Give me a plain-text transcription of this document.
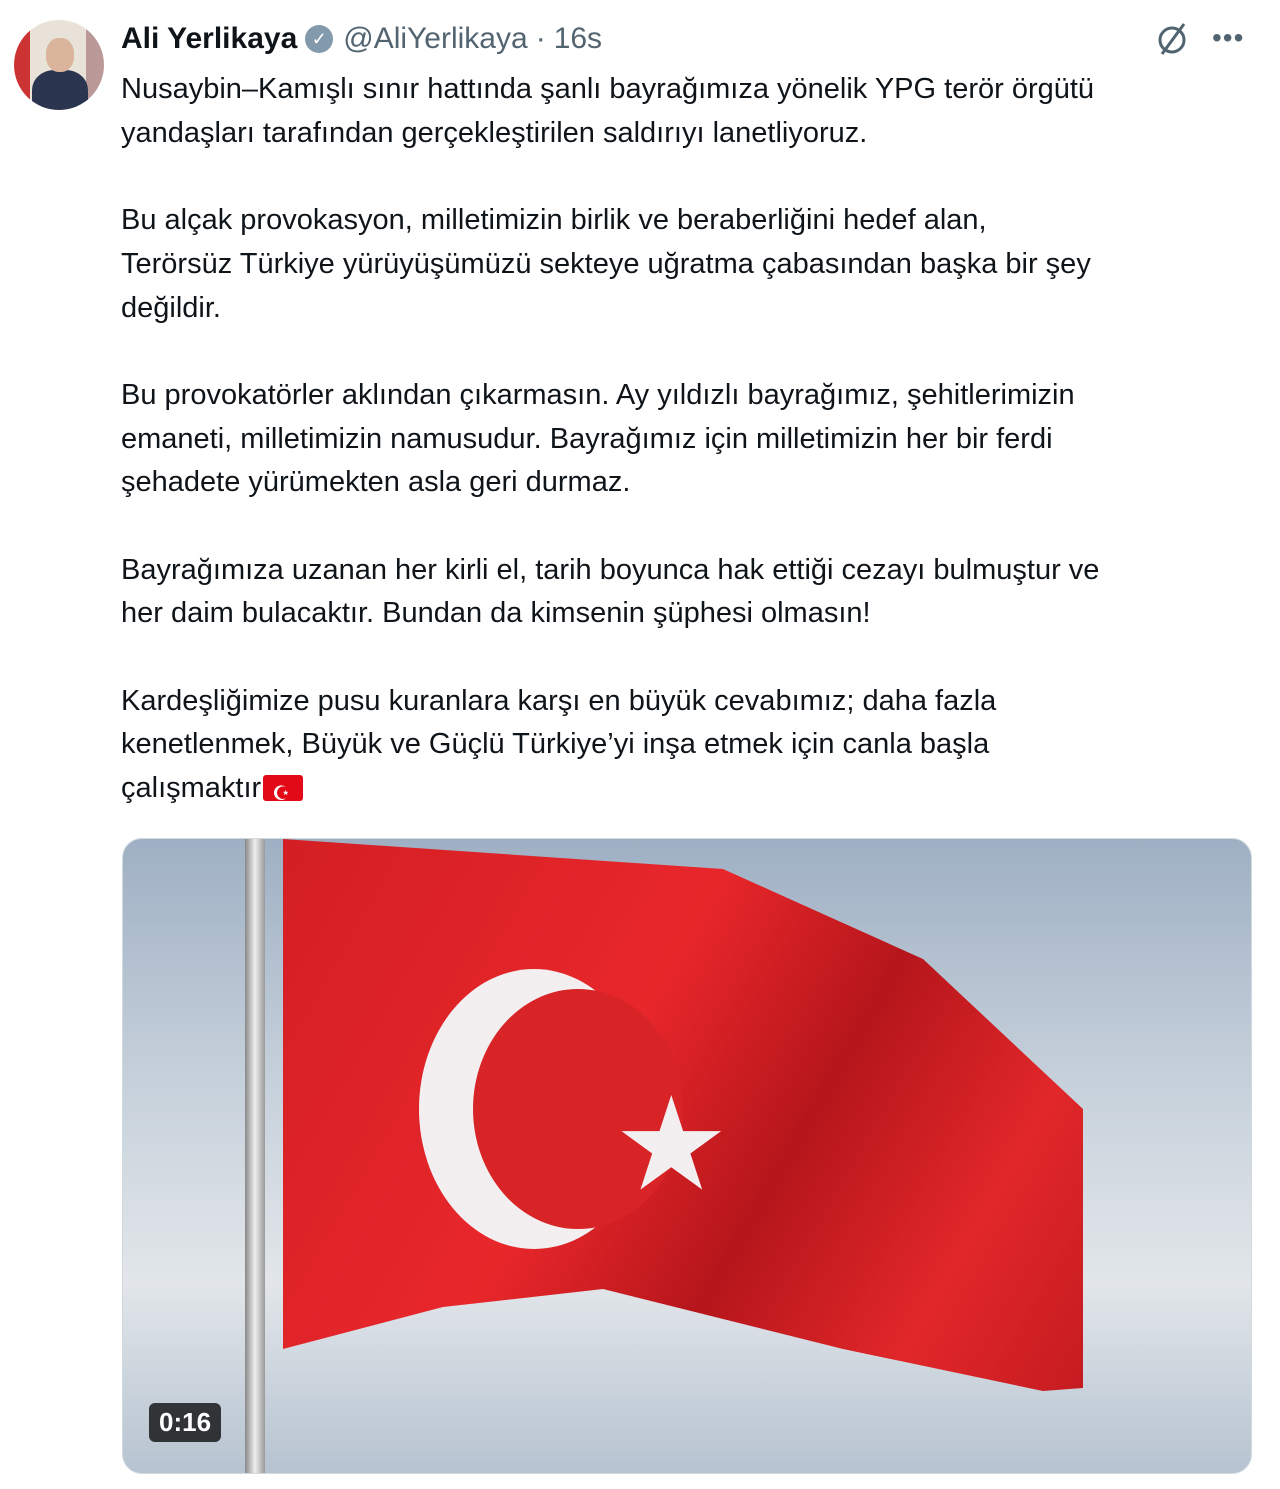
Ali Yerlikaya ✓ @AliYerlikaya · 16s	•••

Nusaybin–Kamışlı sınır hattında şanlı bayrağımıza yönelik YPG terör örgütü
yandaşları tarafından gerçekleştirilen saldırıyı lanetliyoruz.

Bu alçak provokasyon, milletimizin birlik ve beraberliğini hedef alan,
Terörsüz Türkiye yürüyüşümüzü sekteye uğratma çabasından başka bir şey
değildir.

Bu provokatörler aklından çıkarmasın. Ay yıldızlı bayrağımız, şehitlerimizin
emaneti, milletimizin namusudur. Bayrağımız için milletimizin her bir ferdi
şehadete yürümekten asla geri durmaz.

Bayrağımıza uzanan her kirli el, tarih boyunca hak ettiği cezayı bulmuştur ve
her daim bulacaktır. Bundan da kimsenin şüphesi olmasın!

Kardeşliğimize pusu kuranlara karşı en büyük cevabımız; daha fazla
kenetlenmek, Büyük ve Güçlü Türkiye’yi inşa etmek için canla başla
çalışmaktır☪

★
0:16
